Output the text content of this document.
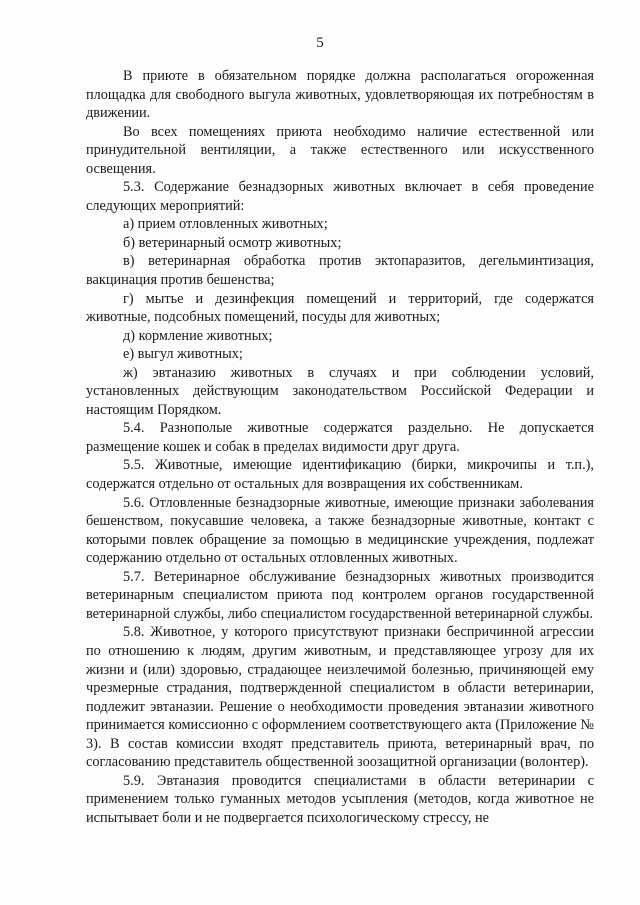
5

В приюте в обязательном порядке должна располагаться огороженная площадка для свободного выгула животных, удовлетворяющая их потребностям в движении.

Во всех помещениях приюта необходимо наличие естественной или принудительной вентиляции, а также естественного или искусственного освещения.

5.3. Содержание безнадзорных животных включает в себя проведение следующих мероприятий:

а) прием отловленных животных;

б) ветеринарный осмотр животных;

в) ветеринарная обработка против эктопаразитов, дегельминтизация, вакцинация против бешенства;

г) мытье и дезинфекция помещений и территорий, где содержатся животные, подсобных помещений, посуды для животных;

д) кормление животных;

е) выгул животных;

ж) эвтаназию животных в случаях и при соблюдении условий, установленных действующим законодательством Российской Федерации и настоящим Порядком.

5.4. Разнополые животные содержатся раздельно. Не допускается размещение кошек и собак в пределах видимости друг друга.

5.5. Животные, имеющие идентификацию (бирки, микрочипы и т.п.), содержатся отдельно от остальных для возвращения их собственникам.

5.6. Отловленные безнадзорные животные, имеющие признаки заболевания бешенством, покусавшие человека, а также безнадзорные животные, контакт с которыми повлек обращение за помощью в медицинские учреждения, подлежат содержанию отдельно от остальных отловленных животных.

5.7. Ветеринарное обслуживание безнадзорных животных производится ветеринарным специалистом приюта под контролем органов государственной ветеринарной службы, либо специалистом государственной ветеринарной службы.

5.8. Животное, у которого присутствуют признаки беспричинной агрессии по отношению к людям, другим животным, и представляющее угрозу для их жизни и (или) здоровью, страдающее неизлечимой болезнью, причиняющей ему чрезмерные страдания, подтвержденной специалистом в области ветеринарии, подлежит эвтаназии. Решение о необходимости проведения эвтаназии животного принимается комиссионно с оформлением соответствующего акта (Приложение № 3). В состав комиссии входят представитель приюта, ветеринарный врач, по согласованию представитель общественной зоозащитной организации (волонтер).

5.9. Эвтаназия проводится специалистами в области ветеринарии с применением только гуманных методов усыпления (методов, когда животное не испытывает боли и не подвергается психологическому стрессу, не
